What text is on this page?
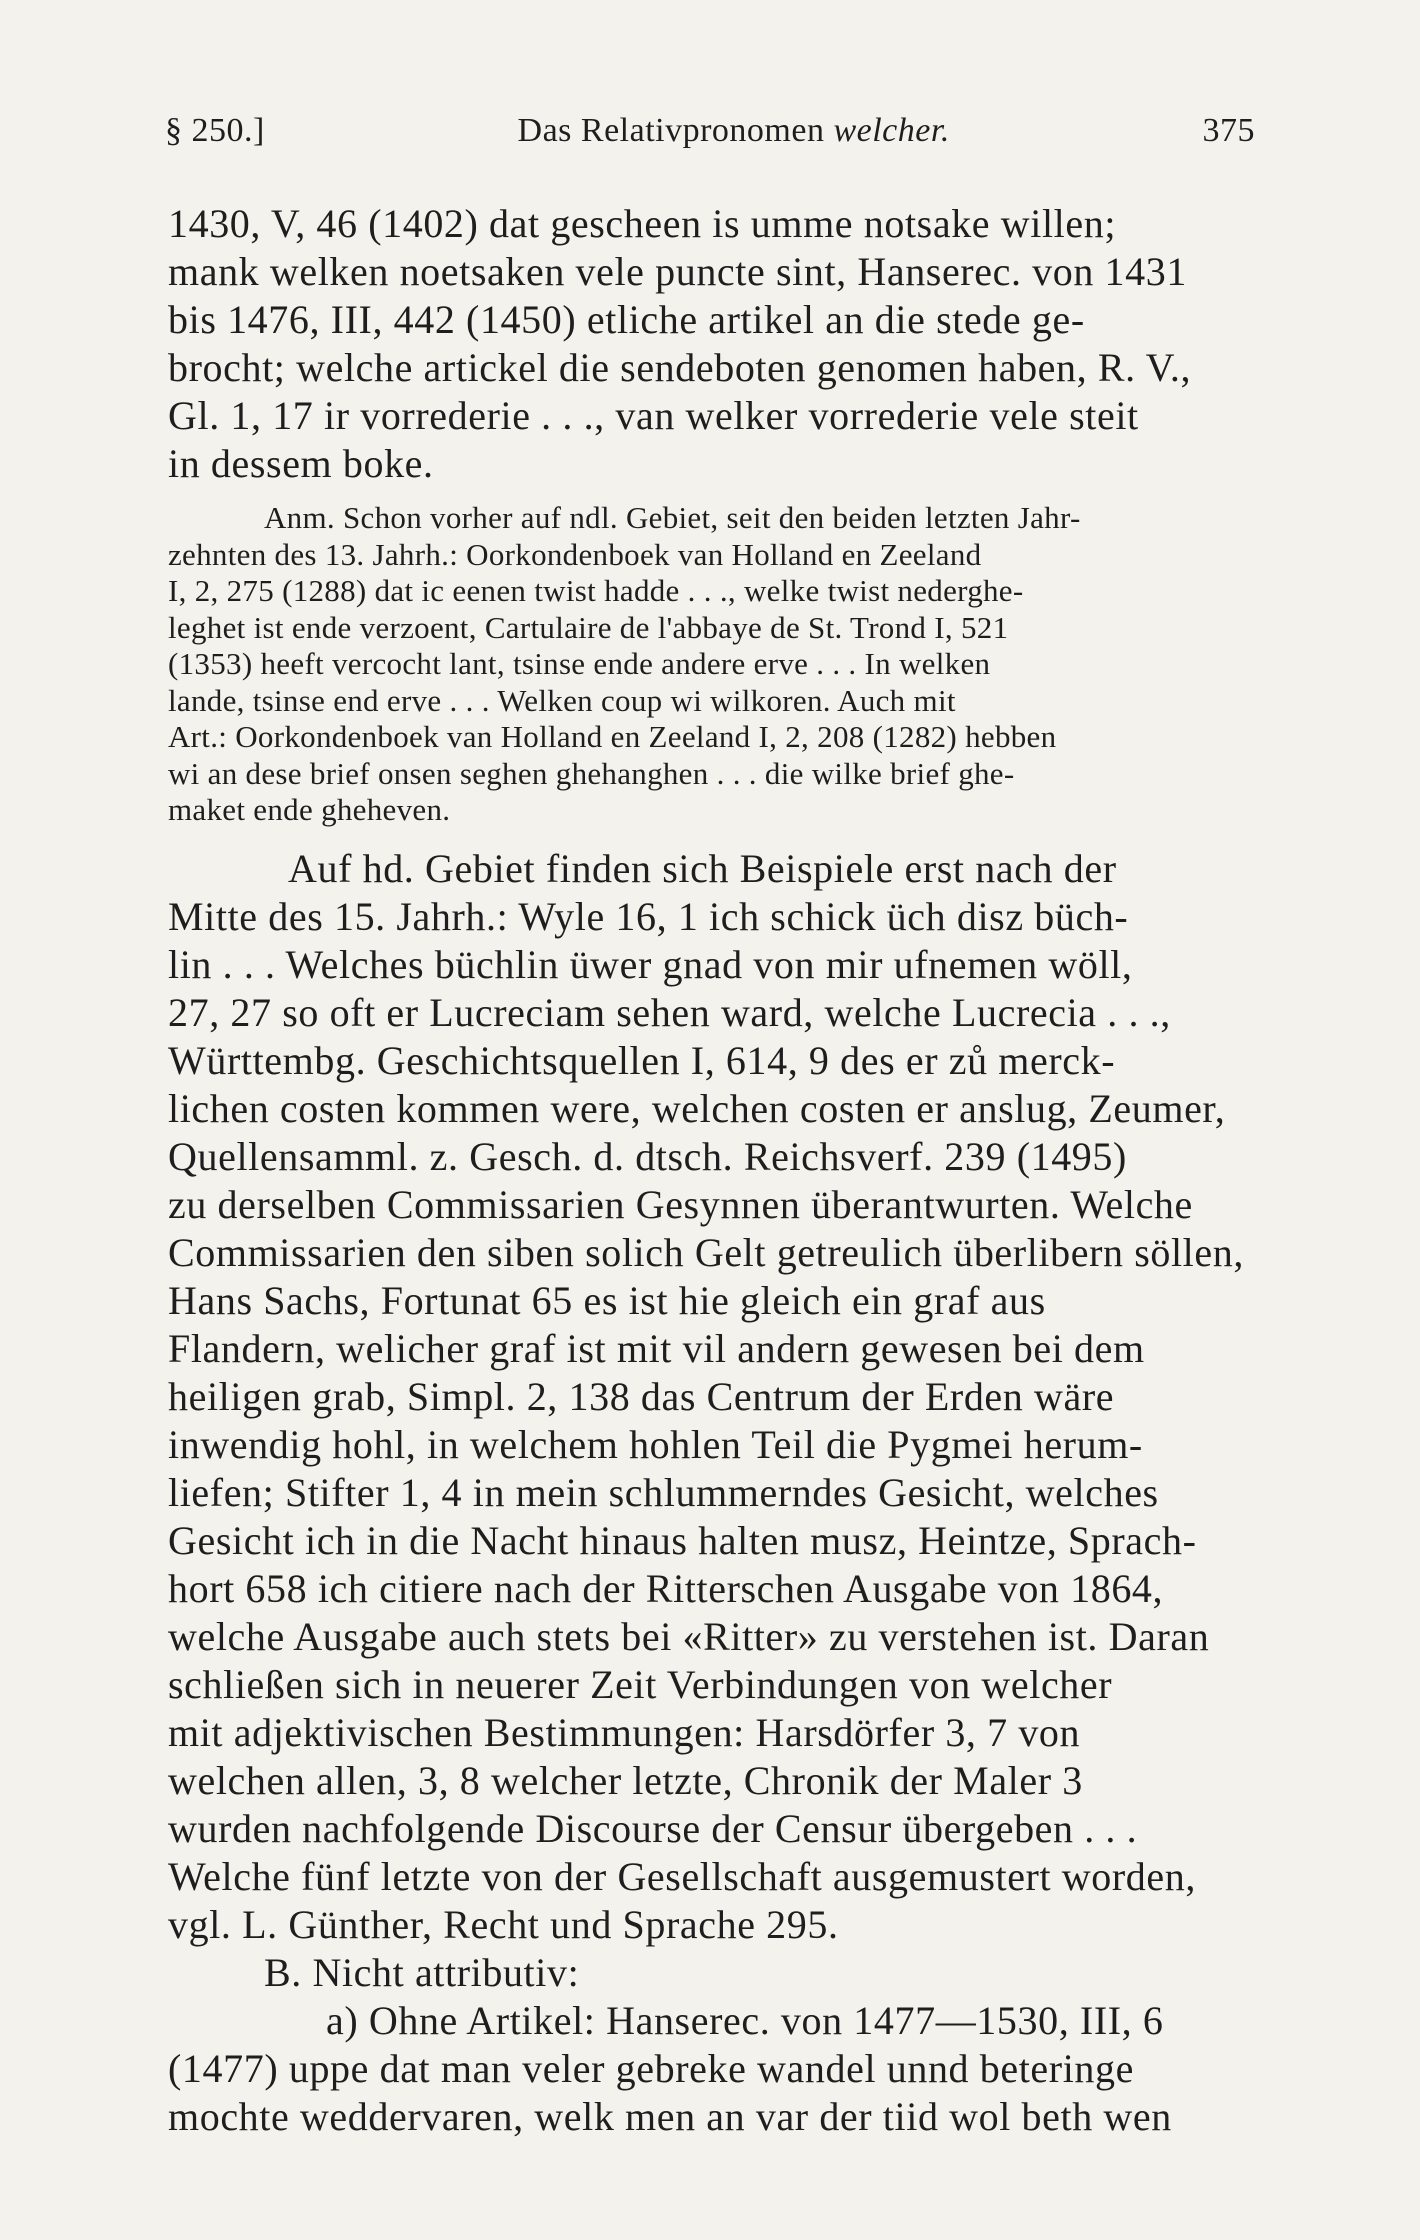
§ 250.]	Das Relativpronomen welcher.	375
1430, V, 46 (1402) dat gescheen is umme notsake willen;
mank welken noetsaken vele puncte sint, Hanserec. von 1431
bis 1476, III, 442 (1450) etliche artikel an die stede ge-
brocht; welche artickel die sendeboten genomen haben, R. V.,
Gl. 1, 17 ir vorrederie . . ., van welker vorrederie vele steit
in dessem boke.
Anm. Schon vorher auf ndl. Gebiet, seit den beiden letzten Jahr-
zehnten des 13. Jahrh.: Oorkondenboek van Holland en Zeeland
I, 2, 275 (1288) dat ic eenen twist hadde . . ., welke twist nederghe-
leghet ist ende verzoent, Cartulaire de l'abbaye de St. Trond I, 521
(1353) heeft vercocht lant, tsinse ende andere erve . . . In welken
lande, tsinse end erve . . . Welken coup wi wilkoren. Auch mit
Art.: Oorkondenboek van Holland en Zeeland I, 2, 208 (1282) hebben
wi an dese brief onsen seghen ghehanghen . . . die wilke brief ghe-
maket ende gheheven.
Auf hd. Gebiet finden sich Beispiele erst nach der
Mitte des 15. Jahrh.: Wyle 16, 1 ich schick üch disz büch-
lin . . . Welches büchlin üwer gnad von mir ufnemen wöll,
27, 27 so oft er Lucreciam sehen ward, welche Lucrecia . . .,
Württembg. Geschichtsquellen I, 614, 9 des er zů merck-
lichen costen kommen were, welchen costen er anslug, Zeumer,
Quellensamml. z. Gesch. d. dtsch. Reichsverf. 239 (1495)
zu derselben Commissarien Gesynnen überantwurten. Welche
Commissarien den siben solich Gelt getreulich überlibern söllen,
Hans Sachs, Fortunat 65 es ist hie gleich ein graf aus
Flandern, welicher graf ist mit vil andern gewesen bei dem
heiligen grab, Simpl. 2, 138 das Centrum der Erden wäre
inwendig hohl, in welchem hohlen Teil die Pygmei herum-
liefen; Stifter 1, 4 in mein schlummerndes Gesicht, welches
Gesicht ich in die Nacht hinaus halten musz, Heintze, Sprach-
hort 658 ich citiere nach der Ritterschen Ausgabe von 1864,
welche Ausgabe auch stets bei «Ritter» zu verstehen ist. Daran
schließen sich in neuerer Zeit Verbindungen von welcher
mit adjektivischen Bestimmungen: Harsdörfer 3, 7 von
welchen allen, 3, 8 welcher letzte, Chronik der Maler 3
wurden nachfolgende Discourse der Censur übergeben . . .
Welche fünf letzte von der Gesellschaft ausgemustert worden,
vgl. L. Günther, Recht und Sprache 295.
B. Nicht attributiv:
a) Ohne Artikel: Hanserec. von 1477—1530, III, 6
(1477) uppe dat man veler gebreke wandel unnd beteringe
mochte weddervaren, welk men an var der tiid wol beth wen
